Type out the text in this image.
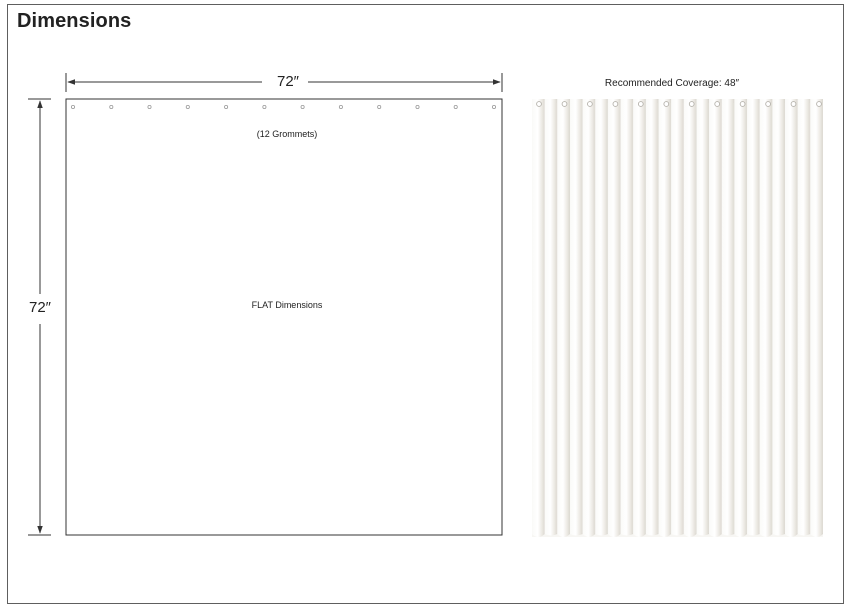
Dimensions
72″
72″
(12 Grommets)
FLAT Dimensions
Recommended Coverage: 48″
